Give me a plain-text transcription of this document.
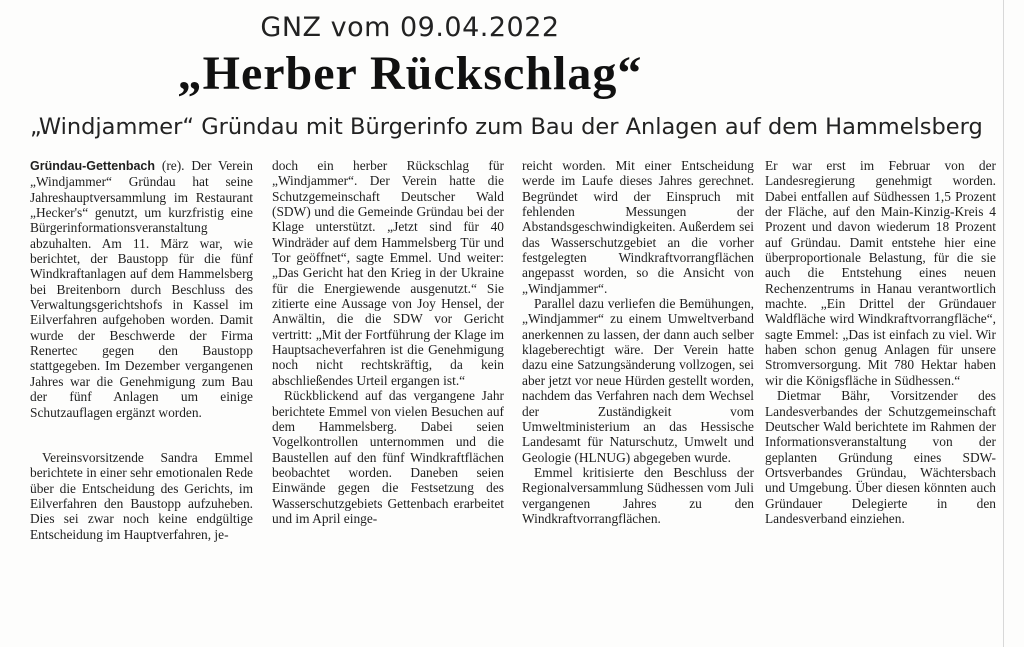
GNZ vom 09.04.2022
„Herber Rückschlag“
„Windjammer“ Gründau mit Bürgerinfo zum Bau der Anlagen auf dem Hammelsberg

Gründau-Gettenbach (re). Der Verein „Windjammer“ Gründau hat seine Jahreshauptversammlung im Restaurant „Hecker's“ genutzt, um kurzfristig eine Bürgerinformationsveranstaltung abzuhalten. Am 11. März war, wie berichtet, der Baustopp für die fünf Windkraftanlagen auf dem Hammelsberg bei Breitenborn durch Beschluss des Verwaltungsgerichtshofs in Kassel im Eilverfahren aufgehoben worden. Damit wurde der Beschwerde der Firma Renertec gegen den Baustopp stattgegeben. Im Dezember vergangenen Jahres war die Genehmigung zum Bau der fünf Anlagen um einige Schutzauflagen ergänzt worden.

Vereinsvorsitzende Sandra Emmel berichtete in einer sehr emotionalen Rede über die Entscheidung des Gerichts, im Eilverfahren den Baustopp aufzuheben. Dies sei zwar noch keine endgültige Entscheidung im Hauptverfahren, je-

doch ein herber Rückschlag für „Windjammer“. Der Verein hatte die Schutzgemeinschaft Deutscher Wald (SDW) und die Gemeinde Gründau bei der Klage unterstützt. „Jetzt sind für 40 Windräder auf dem Hammelsberg Tür und Tor geöffnet“, sagte Emmel. Und weiter: „Das Gericht hat den Krieg in der Ukraine für die Energiewende ausgenutzt.“ Sie zitierte eine Aussage von Joy Hensel, der Anwältin, die die SDW vor Gericht vertritt: „Mit der Fortführung der Klage im Hauptsacheverfahren ist die Genehmigung noch nicht rechtskräftig, da kein abschließendes Urteil ergangen ist.“

Rückblickend auf das vergangene Jahr berichtete Emmel von vielen Besuchen auf dem Hammelsberg. Dabei seien Vogelkontrollen unternommen und die Baustellen auf den fünf Windkraftflächen beobachtet worden. Daneben seien Einwände gegen die Festsetzung des Wasserschutzgebiets Gettenbach erarbeitet und im April einge-

reicht worden. Mit einer Entscheidung werde im Laufe dieses Jahres gerechnet. Begründet wird der Einspruch mit fehlenden Messungen der Abstandsgeschwindigkeiten. Außerdem sei das Wasserschutzgebiet an die vorher festgelegten Windkraftvorrangflächen angepasst worden, so die Ansicht von „Windjammer“.

Parallel dazu verliefen die Bemühungen, „Windjammer“ zu einem Umweltverband anerkennen zu lassen, der dann auch selber klageberechtigt wäre. Der Verein hatte dazu eine Satzungsänderung vollzogen, sei aber jetzt vor neue Hürden gestellt worden, nachdem das Verfahren nach dem Wechsel der Zuständigkeit vom Umweltministerium an das Hessische Landesamt für Naturschutz, Umwelt und Geologie (HLNUG) abgegeben wurde.

Emmel kritisierte den Beschluss der Regionalversammlung Südhessen vom Juli vergangenen Jahres zu den Windkraftvorrangflächen.

Er war erst im Februar von der Landesregierung genehmigt worden. Dabei entfallen auf Südhessen 1,5 Prozent der Fläche, auf den Main-Kinzig-Kreis 4 Prozent und davon wiederum 18 Prozent auf Gründau. Damit entstehe hier eine überproportionale Belastung, für die sie auch die Entstehung eines neuen Rechenzentrums in Hanau verantwortlich machte. „Ein Drittel der Gründauer Waldfläche wird Windkraftvorrangfläche“, sagte Emmel: „Das ist einfach zu viel. Wir haben schon genug Anlagen für unsere Stromversorgung. Mit 780 Hektar haben wir die Königsfläche in Südhessen.“

Dietmar Bähr, Vorsitzender des Landesverbandes der Schutzgemeinschaft Deutscher Wald berichtete im Rahmen der Informationsveranstaltung von der geplanten Gründung eines SDW-Ortsverbandes Gründau, Wächtersbach und Umgebung. Über diesen könnten auch Gründauer Delegierte in den Landesverband einziehen.
